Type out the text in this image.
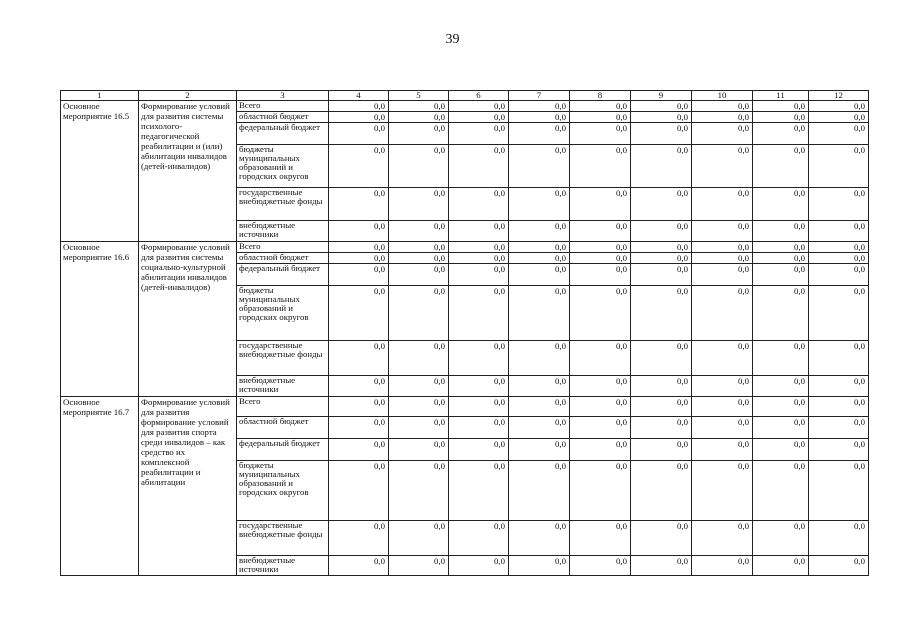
39
1	2	3	4	5	6	7	8	9	10	11	12
Основное мероприятие 16.5	Формирование условий для развития системы психолого-педагогической реабилитации и (или) абилитации инвалидов (детей-инвалидов)	Всего	0,0	0,0	0,0	0,0	0,0	0,0	0,0	0,0	0,0
		областной бюджет	0,0	0,0	0,0	0,0	0,0	0,0	0,0	0,0	0,0
		федеральный бюджет	0,0	0,0	0,0	0,0	0,0	0,0	0,0	0,0	0,0
		бюджеты муниципальных образований и городских округов	0,0	0,0	0,0	0,0	0,0	0,0	0,0	0,0	0,0
		государственные внебюджетные фонды	0,0	0,0	0,0	0,0	0,0	0,0	0,0	0,0	0,0
		внебюджетные источники	0,0	0,0	0,0	0,0	0,0	0,0	0,0	0,0	0,0
Основное мероприятие 16.6	Формирование условий для развития системы социально-культурной абилитации инвалидов (детей-инвалидов)	Всего	0,0	0,0	0,0	0,0	0,0	0,0	0,0	0,0	0,0
		областной бюджет	0,0	0,0	0,0	0,0	0,0	0,0	0,0	0,0	0,0
		федеральный бюджет	0,0	0,0	0,0	0,0	0,0	0,0	0,0	0,0	0,0
		бюджеты муниципальных образований и городских округов	0,0	0,0	0,0	0,0	0,0	0,0	0,0	0,0	0,0
		государственные внебюджетные фонды	0,0	0,0	0,0	0,0	0,0	0,0	0,0	0,0	0,0
		внебюджетные источники	0,0	0,0	0,0	0,0	0,0	0,0	0,0	0,0	0,0
Основное мероприятие 16.7	Формирование условий для развития формирование условий для развития спорта среди инвалидов – как средство их комплексной реабилитации и абилитации	Всего	0,0	0,0	0,0	0,0	0,0	0,0	0,0	0,0	0,0
		областной бюджет	0,0	0,0	0,0	0,0	0,0	0,0	0,0	0,0	0,0
		федеральный бюджет	0,0	0,0	0,0	0,0	0,0	0,0	0,0	0,0	0,0
		бюджеты муниципальных образований и городских округов	0,0	0,0	0,0	0,0	0,0	0,0	0,0	0,0	0,0
		государственные внебюджетные фонды	0,0	0,0	0,0	0,0	0,0	0,0	0,0	0,0	0,0
		внебюджетные источники	0,0	0,0	0,0	0,0	0,0	0,0	0,0	0,0	0,0
